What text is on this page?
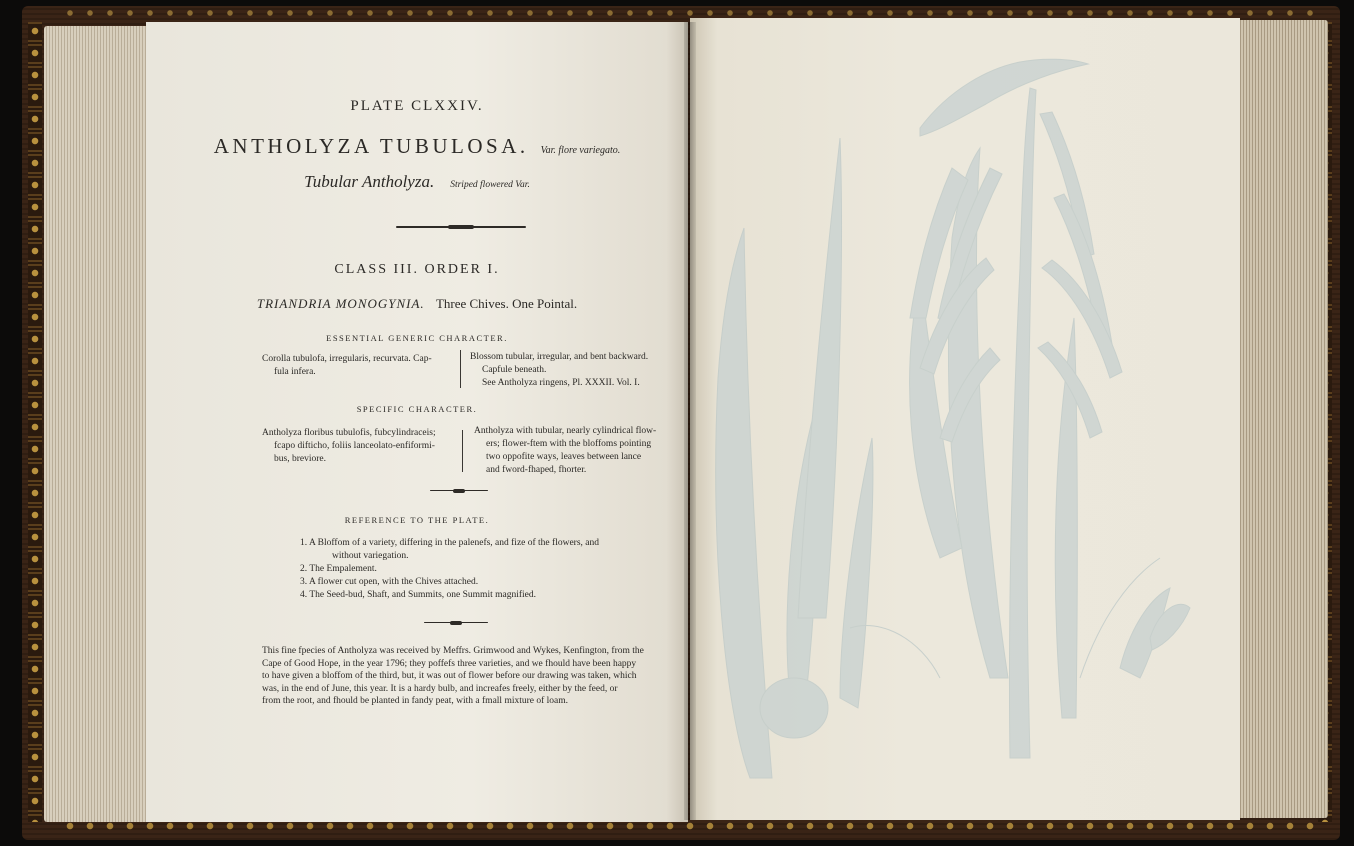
PLATE CLXXIV.
ANTHOLYZA TUBULOSA. Var. flore variegato.
Tubular Antholyza. Striped flowered Var.
CLASS III. ORDER I.
TRIANDRIA MONOGYNIA. Three Chives. One Pointal.
ESSENTIAL GENERIC CHARACTER.
Corolla tubulofa, irregularis, recurvata. Cap-
fula infera.
Blossom tubular, irregular, and bent backward.
Capfule beneath.
See Antholyza ringens, Pl. XXXII. Vol. I.
SPECIFIC CHARACTER.
Antholyza floribus tubulofis, fubcylindraceis;
fcapo difticho, foliis lanceolato-enfiformi-
bus, breviore.
Antholyza with tubular, nearly cylindrical flow-
ers; flower-ftem with the bloffoms pointing
two oppofite ways, leaves between lance
and fword-fhaped, fhorter.
REFERENCE TO THE PLATE.
1. A Bloffom of a variety, differing in the palenefs, and fize of the flowers, and
without variegation.
2. The Empalement.
3. A flower cut open, with the Chives attached.
4. The Seed-bud, Shaft, and Summits, one Summit magnified.
This fine fpecies of Antholyza was received by Meffrs. Grimwood and Wykes, Kenfington, from the
Cape of Good Hope, in the year 1796; they poffefs three varieties, and we fhould have been happy
to have given a bloffom of the third, but, it was out of flower before our drawing was taken, which
was, in the end of June, this year. It is a hardy bulb, and increafes freely, either by the feed, or
from the root, and fhould be planted in fandy peat, with a fmall mixture of loam.
